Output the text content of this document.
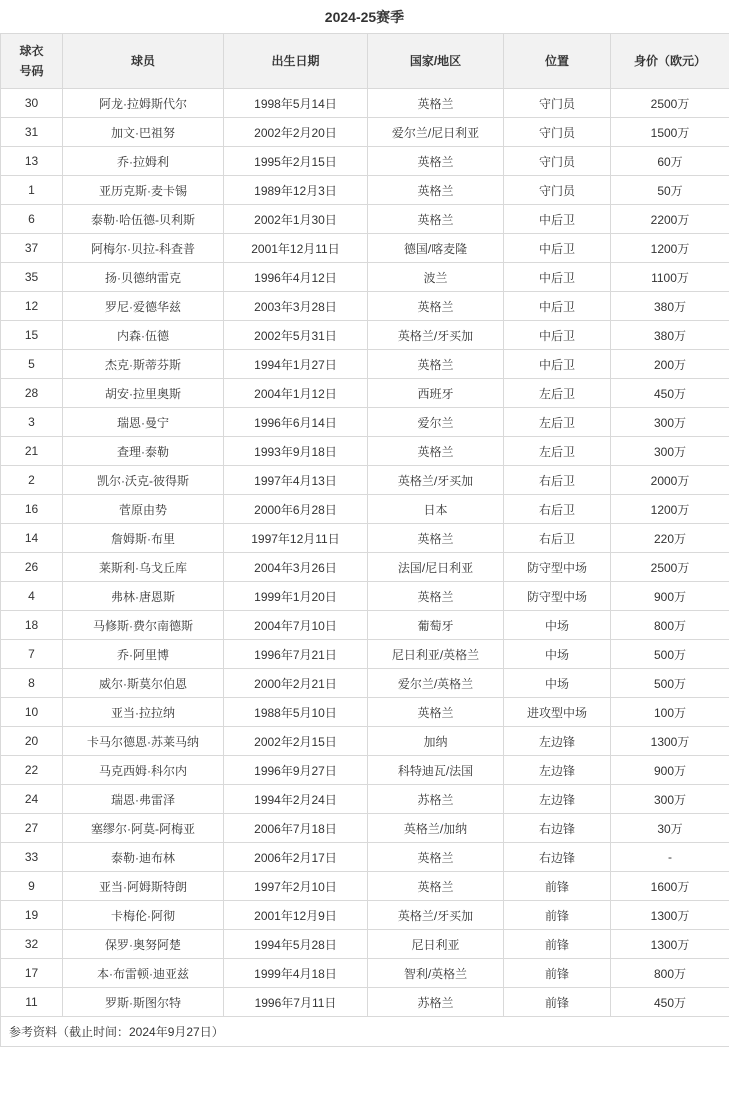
2024-25赛季
球衣
号码	球员	出生日期	国家/地区	位置	身价（欧元）
30	阿龙·拉姆斯代尔	1998年5月14日	英格兰	守门员	2500万
31	加文·巴祖努	2002年2月20日	爱尔兰/尼日利亚	守门员	1500万
13	乔·拉姆利	1995年2月15日	英格兰	守门员	60万
1	亚历克斯·麦卡锡	1989年12月3日	英格兰	守门员	50万
6	泰勒·哈伍德-贝利斯	2002年1月30日	英格兰	中后卫	2200万
37	阿梅尔·贝拉-科查普	2001年12月11日	德国/喀麦隆	中后卫	1200万
35	扬·贝德纳雷克	1996年4月12日	波兰	中后卫	1100万
12	罗尼·爱德华兹	2003年3月28日	英格兰	中后卫	380万
15	内森·伍德	2002年5月31日	英格兰/牙买加	中后卫	380万
5	杰克·斯蒂芬斯	1994年1月27日	英格兰	中后卫	200万
28	胡安·拉里奥斯	2004年1月12日	西班牙	左后卫	450万
3	瑞恩·曼宁	1996年6月14日	爱尔兰	左后卫	300万
21	查理·泰勒	1993年9月18日	英格兰	左后卫	300万
2	凯尔·沃克-彼得斯	1997年4月13日	英格兰/牙买加	右后卫	2000万
16	菅原由势	2000年6月28日	日本	右后卫	1200万
14	詹姆斯·布里	1997年12月11日	英格兰	右后卫	220万
26	莱斯利·乌戈丘库	2004年3月26日	法国/尼日利亚	防守型中场	2500万
4	弗林·唐恩斯	1999年1月20日	英格兰	防守型中场	900万
18	马修斯·费尔南德斯	2004年7月10日	葡萄牙	中场	800万
7	乔·阿里博	1996年7月21日	尼日利亚/英格兰	中场	500万
8	威尔·斯莫尔伯恩	2000年2月21日	爱尔兰/英格兰	中场	500万
10	亚当·拉拉纳	1988年5月10日	英格兰	进攻型中场	100万
20	卡马尔德恩·苏莱马纳	2002年2月15日	加纳	左边锋	1300万
22	马克西姆·科尔内	1996年9月27日	科特迪瓦/法国	左边锋	900万
24	瑞恩·弗雷泽	1994年2月24日	苏格兰	左边锋	300万
27	塞缪尔·阿莫-阿梅亚	2006年7月18日	英格兰/加纳	右边锋	30万
33	泰勒·迪布林	2006年2月17日	英格兰	右边锋	-
9	亚当·阿姆斯特朗	1997年2月10日	英格兰	前锋	1600万
19	卡梅伦·阿彻	2001年12月9日	英格兰/牙买加	前锋	1300万
32	保罗·奥努阿楚	1994年5月28日	尼日利亚	前锋	1300万
17	本·布雷顿·迪亚兹	1999年4月18日	智利/英格兰	前锋	800万
11	罗斯·斯图尔特	1996年7月11日	苏格兰	前锋	450万
参考资料（截止时间：2024年9月27日）					
